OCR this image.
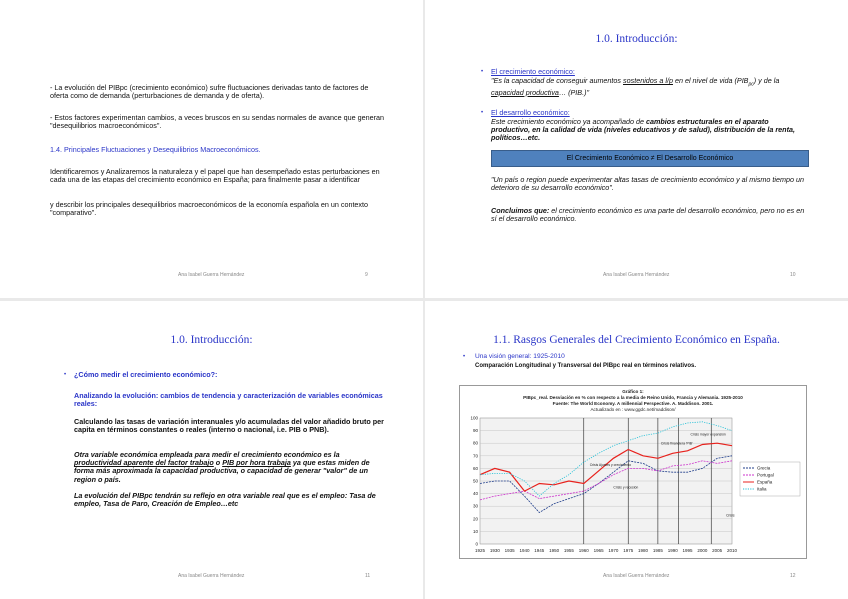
- La evolución del PIBpc (crecimiento económico) sufre fluctuaciones derivadas tanto de factores de oferta como de demanda (perturbaciones de demanda y de oferta).
- Estos factores experimentan cambios, a veces bruscos en su sendas normales de avance que generan "desequilibrios macroeconómicos".
1.4. Principales Fluctuaciones y Desequilibrios Macroeconómicos.
Identificaremos y Analizaremos la naturaleza y el papel que han desempeñado estas perturbaciones en cada una de las etapas del crecimiento económico en España; para finalmente pasar a identificar
y describir los principales desequilibrios macroeconómicos de la economía española en un contexto "comparativo".
Ana Isabel Guerra Hernández	9
1.0. Introducción:
• El crecimiento económico:
"Es la capacidad de conseguir aumentos sostenidos a l/p en el nivel de vida $(PIB_{pc})$ y de la capacidad productiva… (PIB.)"
• El desarrollo económico:
Este crecimiento económico ya acompañado de cambios estructurales en el aparato productivo, en la calidad de vida (niveles educativos y de salud), distribución de la renta, políticos…etc.
El Crecimiento Económico ≠ El Desarrollo Económico
"Un país o region puede experimentar altas tasas de crecimiento económico y al mismo tiempo un deterioro de su desarrollo económico".
Concluimos que: el crecimiento económico es una parte del desarrollo económico, pero no es en sí el desarrollo económico.
Ana Isabel Guerra Hernández	10
1.0. Introducción:
• ¿Cómo medir el crecimiento económico?:
Analizando la evolución: cambios de tendencia y caracterización de variables económicas reales:
Calculando las tasas de variación interanuales y/o acumuladas del valor añadido bruto per capita en términos constantes o reales (interno o nacional, i.e. PIB o PNB).
Otra variable económica empleada para medir el crecimiento económico es la productividad aparente del factor trabajo o PIB por hora trabaja ya que estas miden de forma más aproximada la capacidad productiva, o capacidad de generar "valor" de un region o país.
La evolución del PIBpc tendrán su reflejo en otra variable real que es el empleo: Tasa de empleo, Tasa de Paro, Creación de Empleo…etc
Ana Isabel Guerra Hernández	11
1.1. Rasgos Generales del Crecimiento Económico en España.
• Una visión general: 1925-2010
Comparación Longitudinal y Transversal del PIBpc real en términos relativos.
Gráfico 1:
PIBpc_real. Desviación en % con respecto a la media de Reino Unido, Francia y Alemania. 1925-2010
Fuente: The World Economy. A millennial Perspective. A. Maddison. 2001.
Actualizado en : www.ggdc.net/maddison/
0
10
20
30
40
50
60
70
80
90
100
1925 1930 1935 1940 1945 1950 1955 1960 1965 1970 1975 1980 1985 1990 1995 2000 2005 2010
Crisis Ajustes y crecimiento
Crisis y recesión
Crisis financiera 'PIB'
Crisis mayor expansión
Crisis
Grecia
Portugal
España
Italia
Ana Isabel Guerra Hernández	12
